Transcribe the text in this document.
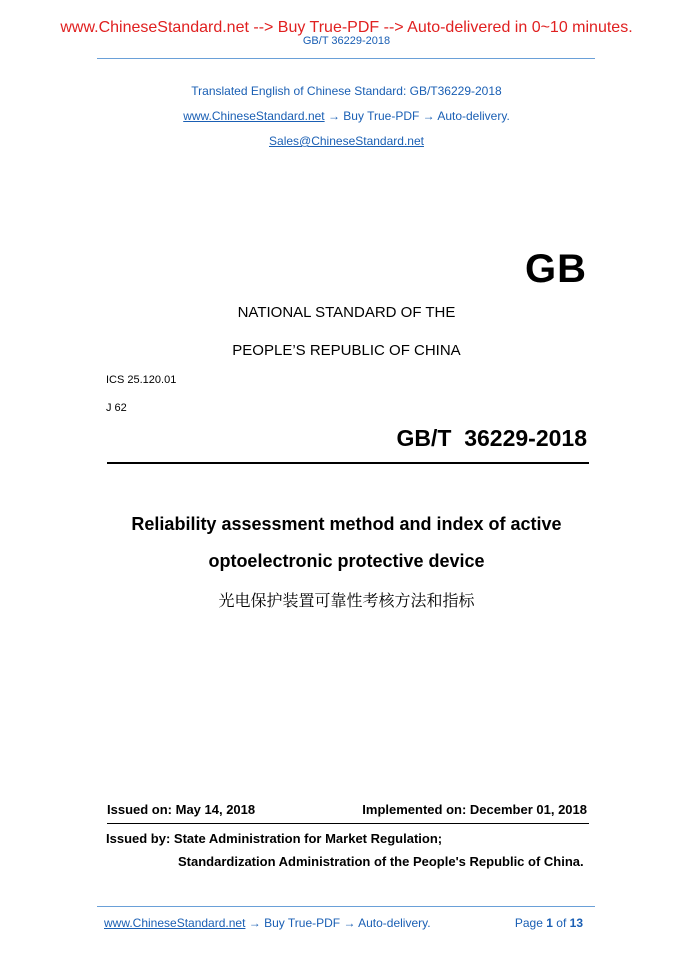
www.ChineseStandard.net --> Buy True-PDF --> Auto-delivered in 0~10 minutes.
GB/T 36229-2018
Translated English of Chinese Standard: GB/T36229-2018
www.ChineseStandard.net → Buy True-PDF → Auto-delivery.
Sales@ChineseStandard.net
GB
NATIONAL STANDARD OF THE
PEOPLE’S REPUBLIC OF CHINA
ICS 25.120.01
J 62
GB/T  36229-2018
Reliability assessment method and index of active
optoelectronic protective device
光电保护装置可靠性考核方法和指标
Issued on: May 14, 2018	Implemented on: December 01, 2018
Issued by: State Administration for Market Regulation;
Standardization Administration of the People's Republic of China.
www.ChineseStandard.net → Buy True-PDF → Auto-delivery.	Page 1 of 13
